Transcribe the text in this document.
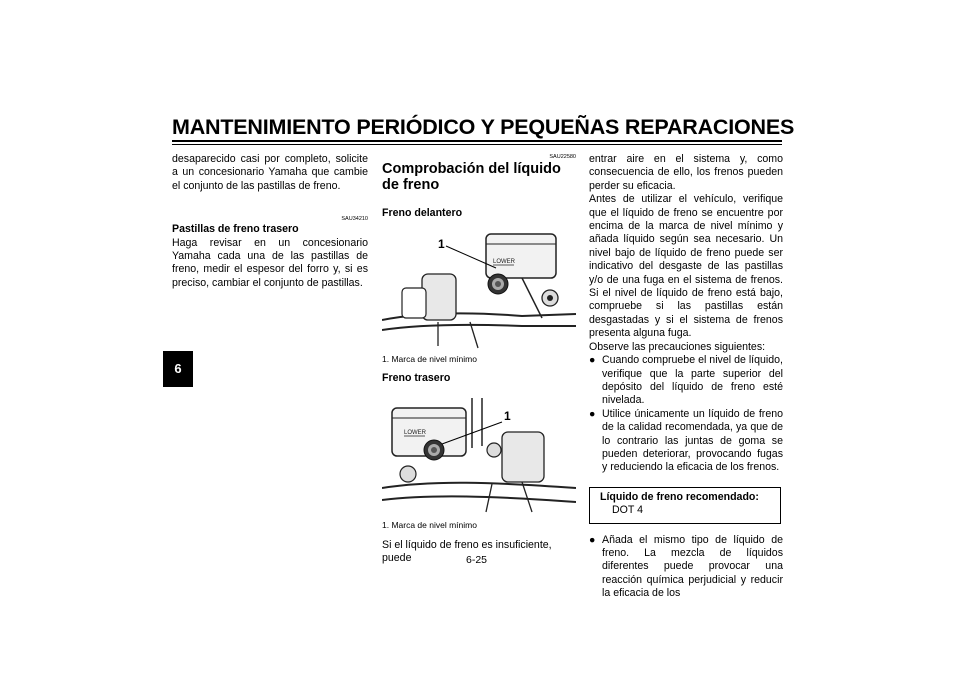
MANTENIMIENTO PERIÓDICO Y PEQUEÑAS REPARACIONES
6

desaparecido casi por completo, solicite a un concesionario Yamaha que cambie el conjunto de las pastillas de freno.

SAU34210

Pastillas de freno trasero

Haga revisar en un concesionario Yamaha cada una de las pastillas de freno, medir el espesor del forro y, si es preciso, cambiar el conjunto de pastillas.

SAU22580

Comprobación del líquido de freno

Freno delantero

LOWER
1

1. Marca de nivel mínimo

Freno trasero

LOWER
1

1. Marca de nivel mínimo

Si el líquido de freno es insuficiente, puede

entrar aire en el sistema y, como consecuencia de ello, los frenos pueden perder su eficacia.

Antes de utilizar el vehículo, verifique que el líquido de freno se encuentre por encima de la marca de nivel mínimo y añada líquido según sea necesario. Un nivel bajo de líquido de freno puede ser indicativo del desgaste de las pastillas y/o de una fuga en el sistema de frenos. Si el nivel de líquido de freno está bajo, compruebe si las pastillas están desgastadas y si el sistema de frenos presenta alguna fuga.

Observe las precauciones siguientes:

● Cuando compruebe el nivel de líquido, verifique que la parte superior del depósito del líquido de freno esté nivelada.
● Utilice únicamente un líquido de freno de la calidad recomendada, ya que de lo contrario las juntas de goma se pueden deteriorar, provocando fugas y reduciendo la eficacia de los frenos.
Líquido de freno recomendado:
DOT 4
● Añada el mismo tipo de líquido de freno. La mezcla de líquidos diferentes puede provocar una reacción química perjudicial y reducir la eficacia de los
6-25
